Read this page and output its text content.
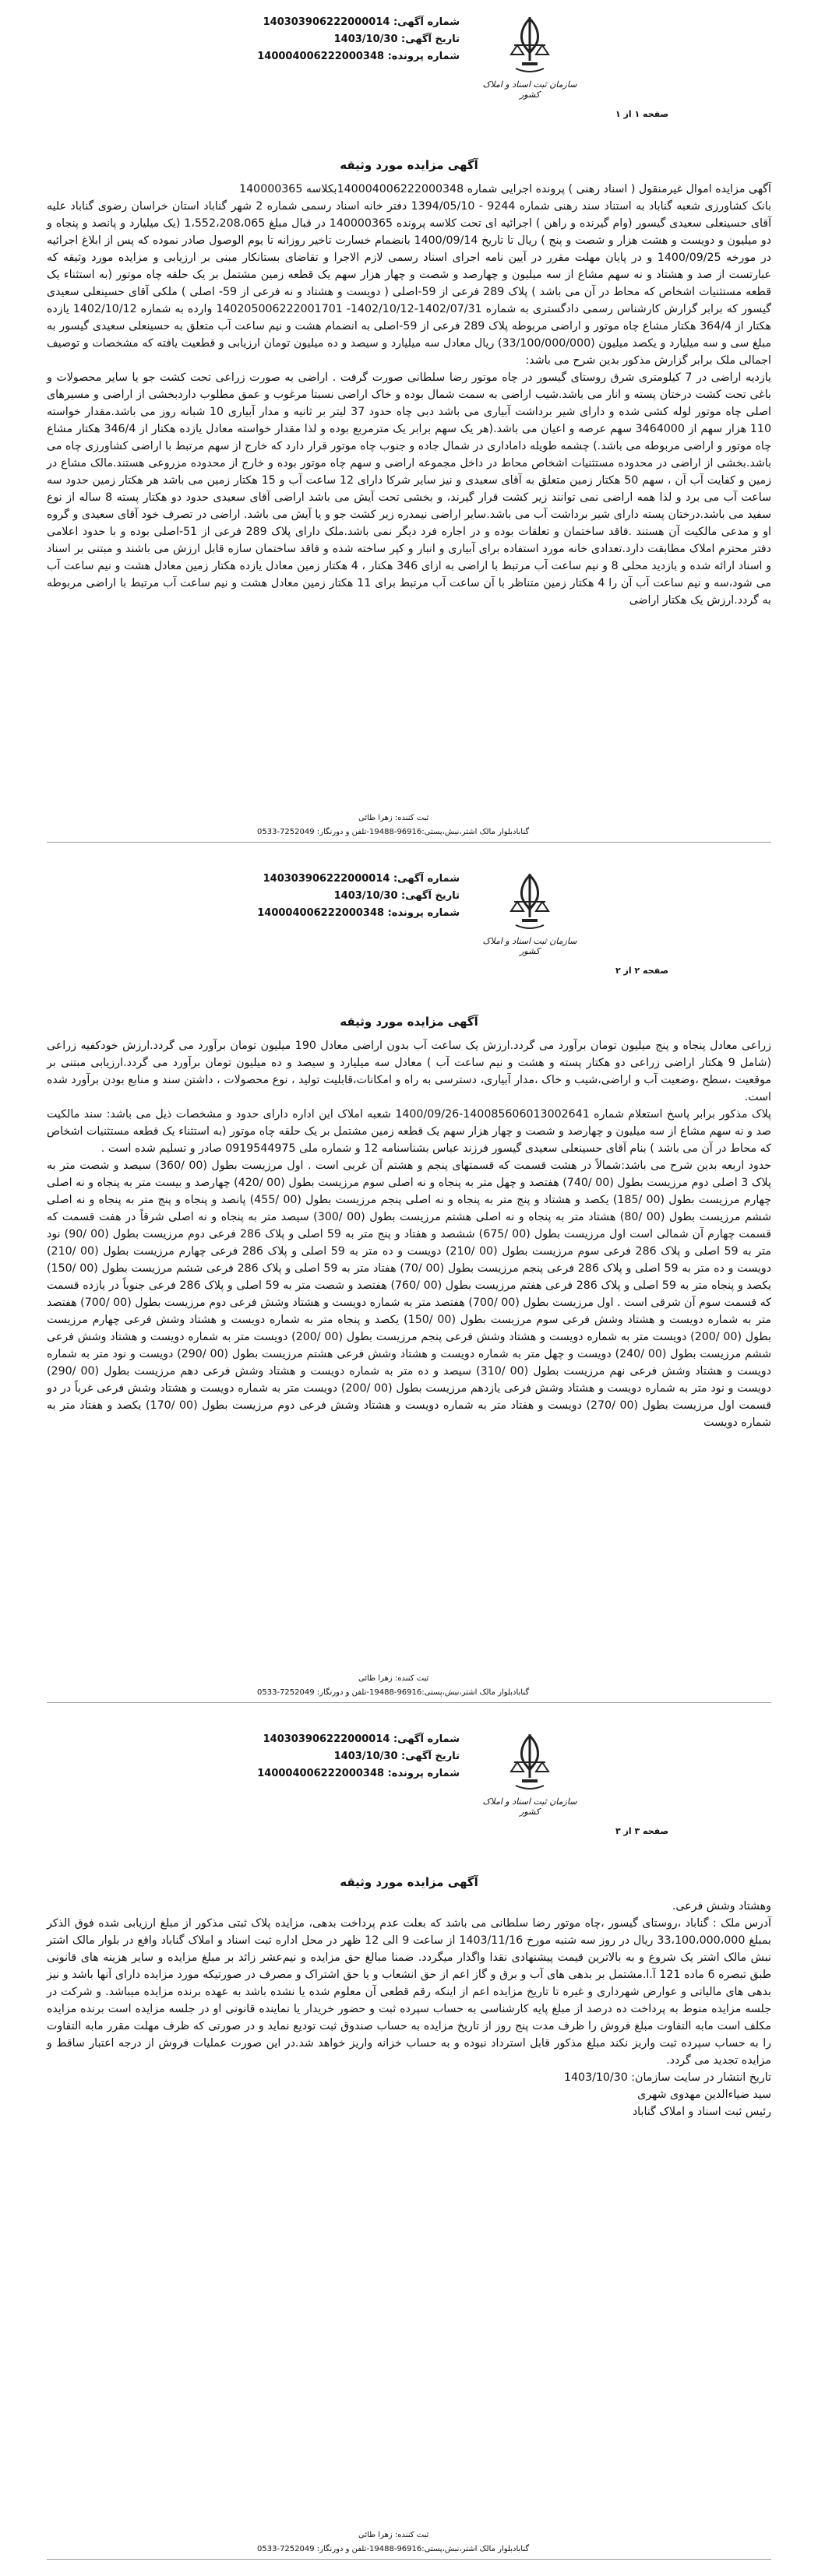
شماره آگهی: 140303906222000014
تاریخ آگهی: 1403/10/30
شماره پرونده: 140004006222000348
سازمان ثبت اسناد و املاک کشور
صفحه ۱ از ۱
آگهی مزایده مورد وثیقه

آگهی مزایده اموال غیرمنقول ( اسناد رهنی ) پرونده اجرایی شماره 140004006222000348بکلاسه 140000365

بانک کشاورزی شعبه گناباد به استناد سند رهنی شماره 9244 - 1394/05/10 دفتر خانه اسناد رسمی شماره 2 شهر گناباد استان خراسان رضوی گناباد علیه آقای حسینعلی سعیدی گیسور (وام گیرنده و راهن ) اجرائیه ای تحت کلاسه پرونده 140000365 در قبال مبلغ 1،552،208،065 (یک میلیارد و پانصد و پنجاه و دو میلیون و دویست و هشت هزار و شصت و پنج ) ریال تا تاریخ 1400/09/14 بانضمام خسارت تاخیر روزانه تا یوم الوصول صادر نموده که پس از ابلاغ اجرائیه در مورخه 1400/09/25 و در پایان مهلت مقرر در آیین نامه اجرای اسناد رسمی لازم الاجرا و تقاضای بستانکار مبنی بر ارزیابی و مزایده مورد وثیقه که عبارتست از صد و هشتاد و نه سهم مشاع از سه میلیون و چهارصد و شصت و چهار هزار سهم یک قطعه زمین مشتمل بر یک حلقه چاه موتور (به استثناء یک قطعه مستثنیات اشخاص که محاط در آن می باشد ) پلاک 289 فرعی از 59-اصلی ( دویست و هشتاد و نه فرعی از 59- اصلی ) ملکی آقای حسینعلی سعیدی گیسور که برابر گزارش کارشناس رسمی دادگستری به شماره 1402/07/31-1402/10/12- 140205006222001701 وارده به شماره 1402/10/12 یازده هکتار از 364/4 هکتار مشاع چاه موتور و اراضی مربوطه پلاک 289 فرعی از 59-اصلی به انضمام هشت و نیم ساعت آب متعلق به حسینعلی سعیدی گیسور به مبلغ سی و سه میلیارد و یکصد میلیون (33/100/000/000) ریال معادل سه میلیارد و سیصد و ده میلیون تومان ارزیابی و قطعیت یافته که مشخصات و توصیف اجمالی ملک برابر گزارش مذکور بدین شرح می باشد:

یازدیه اراضی در 7 کیلومتری شرق روستای گیسور در چاه موتور رضا سلطانی صورت گرفت . اراضی به صورت زراعی تحت کشت جو یا سایر محصولات و باغی تحت کشت درختان پسته و انار می باشد.شیب اراضی به سمت شمال بوده و خاک اراضی نسبتا مرغوب و عمق مطلوب داردبخشی از اراضی و مسیرهای اصلی چاه موتور لوله کشی شده و دارای شیر برداشت آبیاری می باشد دبی چاه حدود 37 لیتر بر ثانیه و مدار آبیاری 10 شبانه روز می باشد.مقدار خواسته 110 هزار سهم از 3464000 سهم عرصه و اعیان می باشد.(هر یک سهم برابر یک مترمربع بوده و لذا مقدار خواسته معادل یازده هکتار از 346/4 هکتار مشاع چاه موتور و اراضی مربوطه می باشد.) چشمه طویله داماداری در شمال جاده و جنوب چاه موتور قرار دارد که خارج از سهم مرتبط با اراضی کشاورزی چاه می باشد.بخشی از اراضی در محدوده مستثنیات اشخاص محاط در داخل مجموعه اراضی و سهم چاه موتور بوده و خارج از محدوده مزروعی هستند.مالک مشاع در زمین و کفایت آب آن ، سهم 50 هکتار زمین متعلق به آقای سعیدی و نیز سایر شرکا دارای 12 ساعت آب و 15 هکتار زمین می باشد هر هکتار زمین حدود سه ساعت آب می برد و لذا همه اراضی نمی توانند زیر کشت قرار گیرند، و بخشی تحت آیش می باشد اراضی آقای سعیدی حدود دو هکتار پسته 8 ساله از نوع سفید می باشد.درختان پسته دارای شیر برداشت آب می باشد.سایر اراضی نیمدره زیر کشت جو و یا آیش می باشد. اراضی در تصرف خود آقای سعیدی و گروه او و مدعی مالکیت آن هستند .فاقد ساختمان و تعلقات بوده و در اجاره فرد دیگر نمی باشد.ملک دارای پلاک 289 فرعی از 51-اصلی بوده و با حدود اعلامی دفتر محترم املاک مطابقت دارد.تعدادی خانه مورد استفاده برای آبیاری و انبار و کپر ساخته شده و فاقد ساختمان سازه قابل ارزش می باشند و مبتنی بر اسناد و اسناد ارائه شده و بازدید محلی 8 و نیم ساعت آب مرتبط با اراضی به ازای 346 هکتار ، 4 هکتار زمین معادل یازده هکتار زمین معادل هشت و نیم ساعت آب می شود،سه و نیم ساعت آب آن را 4 هکتار زمین متناظر با آن ساعت آب مرتبط برای 11 هکتار زمین معادل هشت و نیم ساعت آب مرتبط با اراضی مربوطه به گردد.ارزش یک هکتار اراضی

ثبت کننده: زهرا طائی
گنابادبلوار مالک اشتر،نبش،پستی:96916-19488-تلفن و دورنگار: 7252049-0533
شماره آگهی: 140303906222000014
تاریخ آگهی: 1403/10/30
شماره پرونده: 140004006222000348
سازمان ثبت اسناد و املاک کشور
صفحه ۲ از ۲
آگهی مزایده مورد وثیقه

زراعی معادل پنجاه و پنج میلیون تومان برآورد می گردد.ارزش یک ساعت آب بدون اراضی معادل 190 میلیون تومان برآورد می گردد.ارزش خودکفیه زراعی (شامل 9 هکتار اراضی زراعی دو هکتار پسته و هشت و نیم ساعت آب ) معادل سه میلیارد و سیصد و ده میلیون تومان برآورد می گردد.ارزیابی مبتنی بر موقعیت ،سطح ،وضعیت آب و اراضی،شیب و خاک ،مدار آبیاری، دسترسی به راه و امکانات،قابلیت تولید ، نوع محصولات ، داشتن سند و منابع بودن برآورد شده است.

پلاک مذکور برابر پاسخ استعلام شماره 140085606013002641-1400/09/26 شعبه املاک این اداره دارای حدود و مشخصات ذیل می باشد: سند مالکیت صد و نه سهم مشاع از سه میلیون و چهارصد و شصت و چهار هزار سهم یک قطعه زمین مشتمل بر یک حلقه چاه موتور (به استثناء یک قطعه مستثنیات اشخاص که محاط در آن می باشد ) بنام آقای حسینعلی سعیدی گیسور فرزند عباس بشناسنامه 12 و شماره ملی 0919544975 صادر و تسلیم شده است .

حدود اربعه بدین شرح می باشد:شمالاً در هشت قسمت که قسمتهای پنجم و هشتم آن غربی است . اول مرزیست بطول (00 /360) سیصد و شصت متر به پلاک 3 اصلی دوم مرزیست بطول (00 /740) هفتصد و چهل متر به پنجاه و نه اصلی سوم مرزیست بطول (00 /420) چهارصد و بیست متر به پنجاه و نه اصلی چهارم مرزیست بطول (00 /185) یکصد و هشتاد و پنج متر به پنجاه و نه اصلی پنجم مرزیست بطول (00 /455) پانصد و پنجاه و پنج متر به پنجاه و نه اصلی ششم مرزیست بطول (00 /80) هشتاد متر به پنجاه و نه اصلی هشتم مرزیست بطول (00 /300) سیصد متر به پنجاه و نه اصلی شرقاً در هفت قسمت که قسمت چهارم آن شمالی است اول مرزیست بطول (00 /675) ششصد و هفتاد و پنج متر به 59 اصلی و پلاک 286 فرعی دوم مرزیست بطول (00 /90) نود متر به 59 اصلی و پلاک 286 فرعی سوم مرزیست بطول (00 /210) دویست و ده متر به 59 اصلی و پلاک 286 فرعی چهارم مرزیست بطول (00 /210) دویست و ده متر به 59 اصلی و پلاک 286 فرعی پنجم مرزیست بطول (00 /70) هفتاد متر به 59 اصلی و پلاک 286 فرعی ششم مرزیست بطول (00 /150) یکصد و پنجاه متر به 59 اصلی و پلاک 286 فرعی هفتم مرزیست بطول (00 /760) هفتصد و شصت متر به 59 اصلی و پلاک 286 فرعی جنوباً در یازده قسمت که قسمت سوم آن شرقی است . اول مرزیست بطول (00 /700) هفتصد متر به شماره دویست و هشتاد وشش فرعی دوم مرزیست بطول (00 /700) هفتصد متر به شماره دویست و هشتاد وشش فرعی سوم مرزیست بطول (00 /150) یکصد و پنجاه متر به شماره دویست و هشتاد وشش فرعی چهارم مرزیست بطول (00 /200) دویست متر به شماره دویست و هشتاد وشش فرعی پنجم مرزیست بطول (00 /200) دویست متر به شماره دویست و هشتاد وشش فرعی ششم مرزیست بطول (00 /240) دویست و چهل متر به شماره دویست و هشتاد وشش فرعی هشتم مرزیست بطول (00 /290) دویست و نود متر به شماره دویست و هشتاد وشش فرعی نهم مرزیست بطول (00 /310) سیصد و ده متر به شماره دویست و هشتاد وشش فرعی دهم مرزیست بطول (00 /290) دویست و نود متر به شماره دویست و هشتاد وشش فرعی یازدهم مرزیست بطول (00 /200) دویست متر به شماره دویست و هشتاد وشش فرعی غرباً در دو قسمت اول مرزیست بطول (00 /270) دویست و هفتاد متر به شماره دویست و هشتاد وشش فرعی دوم مرزیست بطول (00 /170) یکصد و هفتاد متر به شماره دویست

ثبت کننده: زهرا طائی
گنابادبلوار مالک اشتر،نبش،پستی:96916-19488-تلفن و دورنگار: 7252049-0533
شماره آگهی: 140303906222000014
تاریخ آگهی: 1403/10/30
شماره پرونده: 140004006222000348
سازمان ثبت اسناد و املاک کشور
صفحه ۳ از ۳
آگهی مزایده مورد وثیقه

وهشتاد وشش فرعی.

آدرس ملک : گناباد ،روستای گیسور ،چاه موتور رضا سلطانی می باشد که بعلت عدم پرداخت بدهی، مزایده پلاک ثبتی مذکور از مبلغ ارزیابی شده فوق الذکر بمبلغ 33،100،000،000 ریال در روز سه شنبه مورخ 1403/11/16 از ساعت 9 الی 12 ظهر در محل اداره ثبت اسناد و املاک گناباد واقع در بلوار مالک اشتر نبش مالک اشتر یک شروع و به بالاترین قیمت پیشنهادی نقدا واگذار میگردد. ضمنا مبالغ حق مزایده و نیم‌عشر زائد بر مبلغ مزایده و سایر هزینه های قانونی طبق تبصره 6 ماده 121 آ.ا.مشتمل بر بدهی های آب و برق و گاز اعم از حق انشعاب و یا حق اشتراک و مصرف در صورتیکه مورد مزایده دارای آنها باشد و نیز بدهی های مالیاتی و عوارض شهرداری و غیره تا تاریخ مزایده اعم از اینکه رقم قطعی آن معلوم شده یا نشده باشد به عهده برنده مزایده میباشد. و شرکت در جلسه مزایده منوط به پرداخت ده درصد از مبلغ پایه کارشناسی به حساب سپرده ثبت و حضور خریدار یا نماینده قانونی او در جلسه مزایده است برنده مزایده مکلف است مابه التفاوت مبلغ فروش را ظرف مدت پنج روز از تاریخ مزایده به حساب صندوق ثبت تودیع نماید و در صورتی که ظرف مهلت مقرر مابه التفاوت را به حساب سپرده ثبت واریز نکند مبلغ مذکور قابل استرداد نبوده و به حساب خزانه واریز خواهد شد.در این صورت عملیات فروش از درجه اعتبار ساقط و مزایده تجدید می گردد.

تاریخ انتشار در سایت سازمان: 1403/10/30

سید ضیاءالدین مهدوی شهری

رئیس ثبت اسناد و املاک گناباد

ثبت کننده: زهرا طائی
گنابادبلوار مالک اشتر،نبش،پستی:96916-19488-تلفن و دورنگار: 7252049-0533
